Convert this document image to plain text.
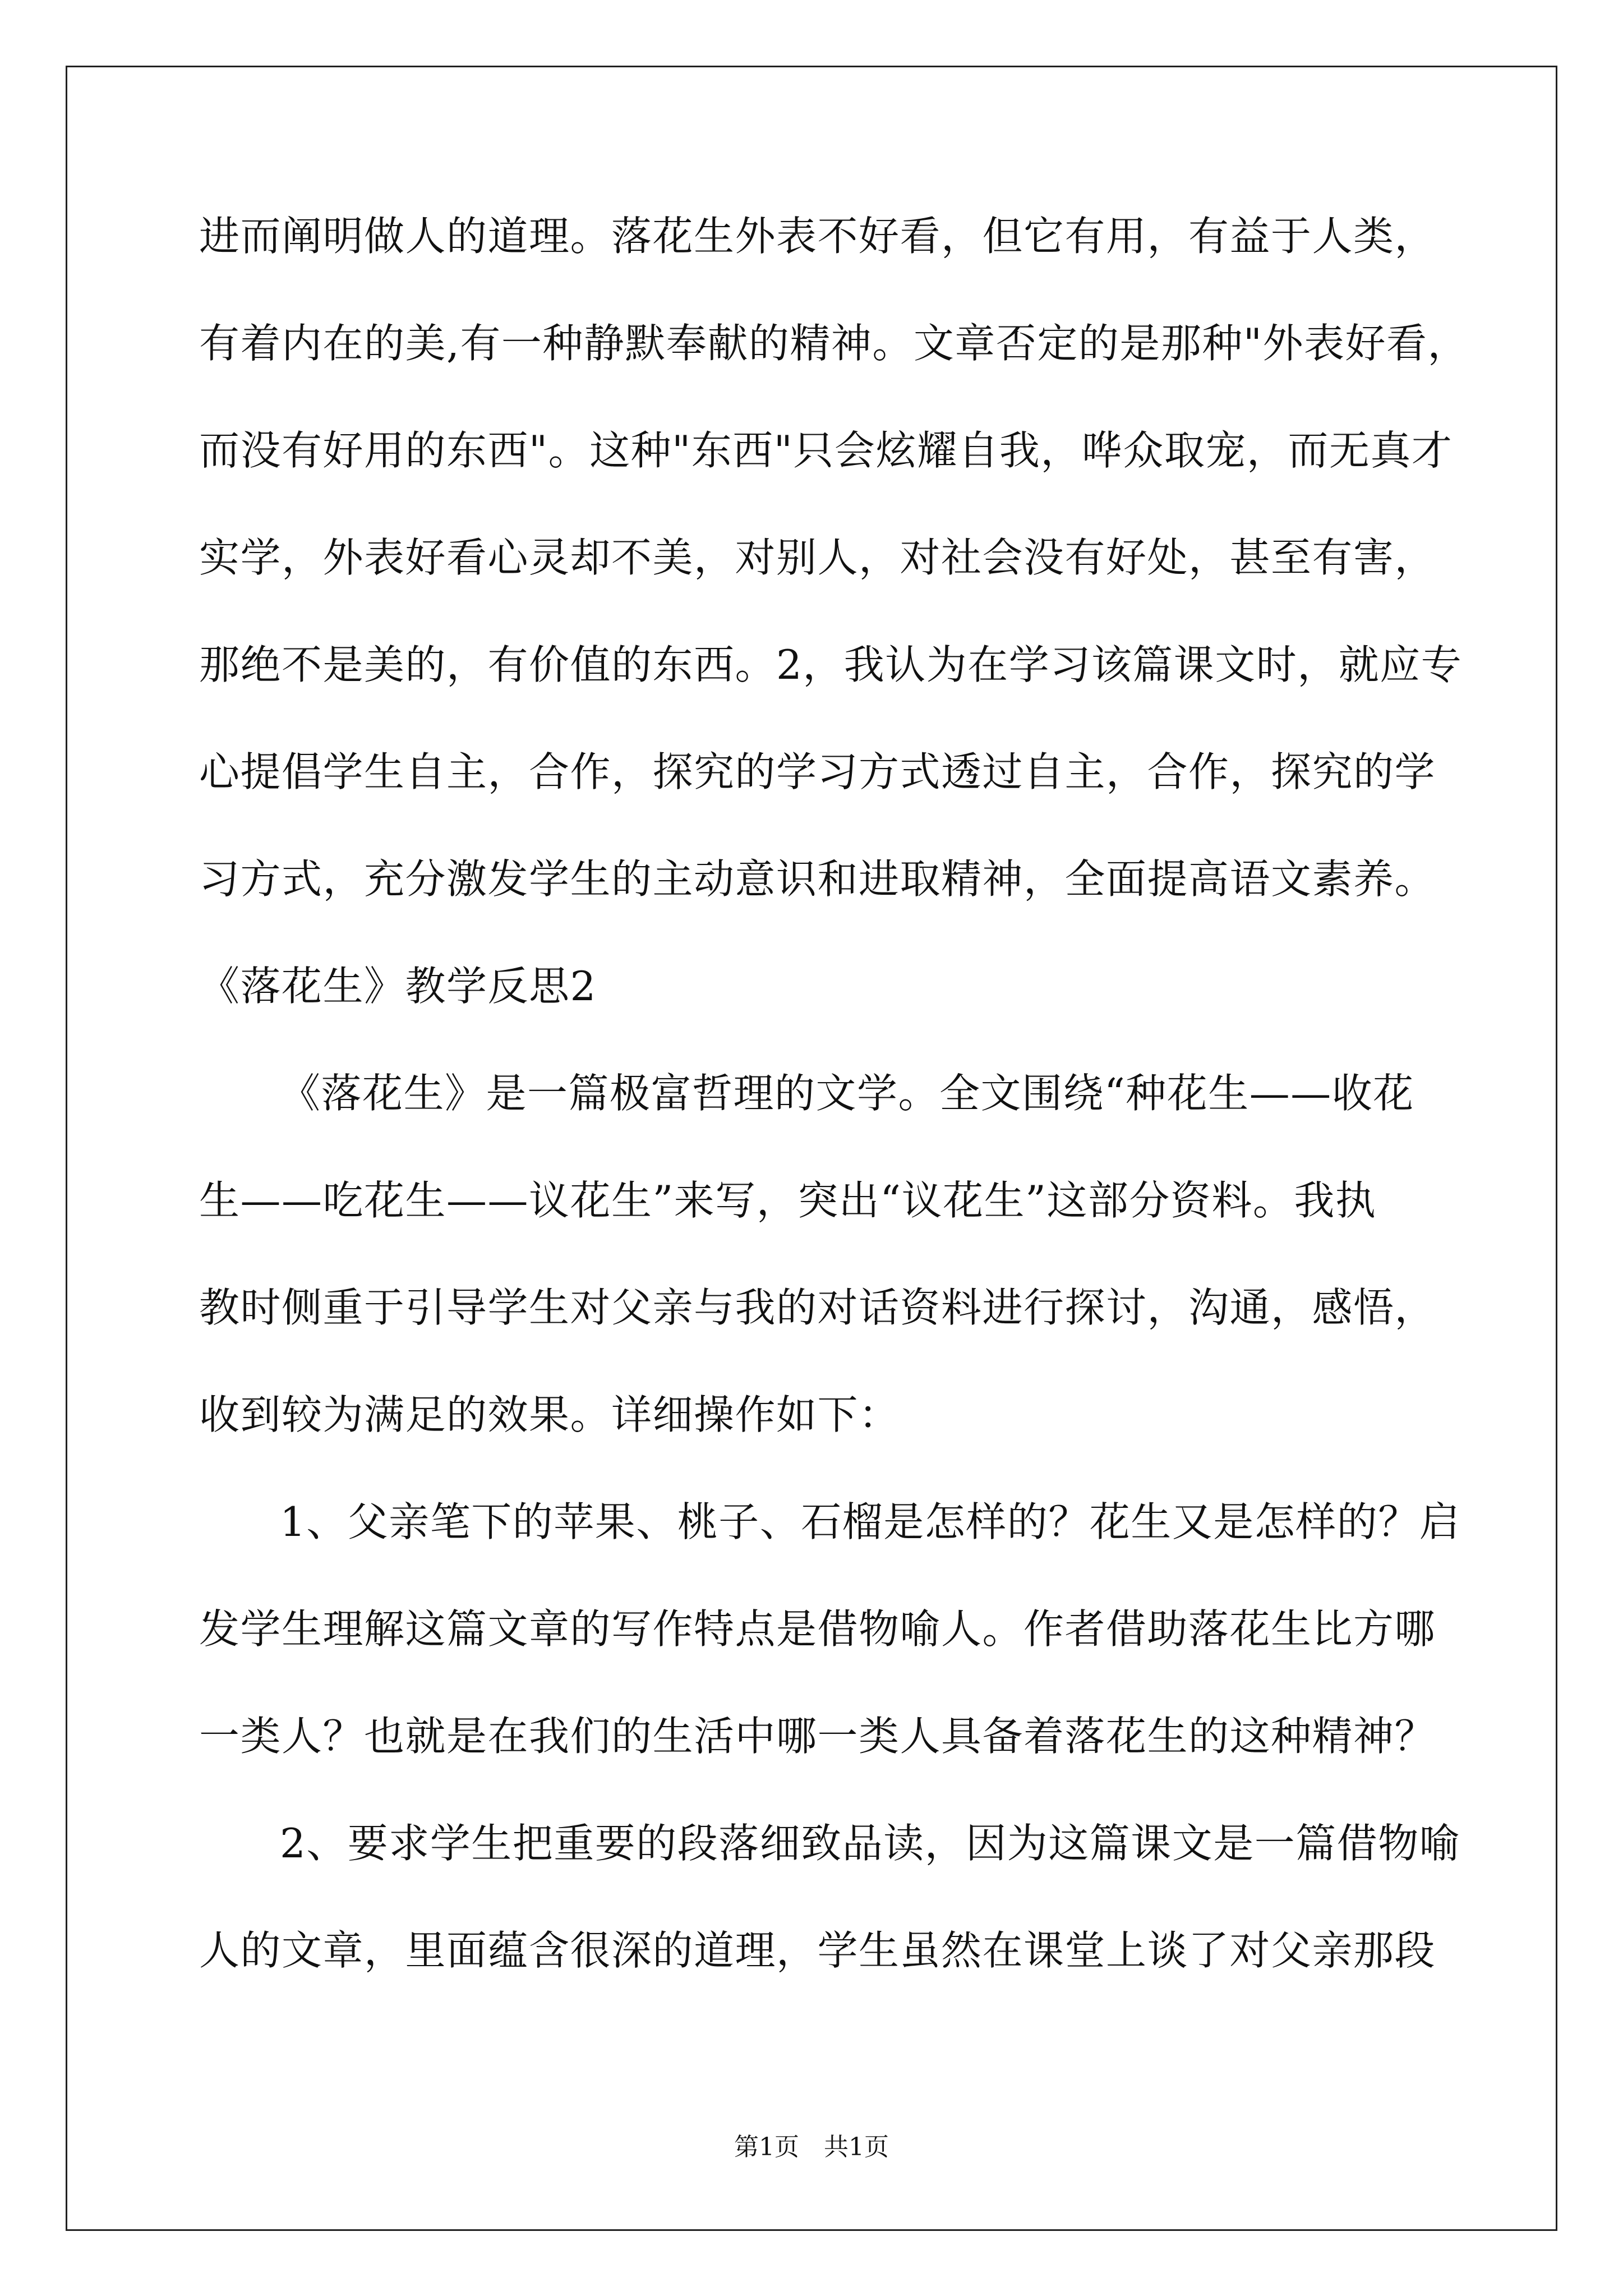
进而阐明做人的道理。落花生外表不好看，但它有用，有益于人类，
有着内在的美,有一种静默奉献的精神。文章否定的是那种"外表好看，
而没有好用的东西"。这种"东西"只会炫耀自我，哗众取宠，而无真才
实学，外表好看心灵却不美，对别人，对社会没有好处，甚至有害，
那绝不是美的，有价值的东西。2，我认为在学习该篇课文时，就应专
心提倡学生自主，合作，探究的学习方式透过自主，合作，探究的学
习方式，充分激发学生的主动意识和进取精神，全面提高语文素养。
《落花生》教学反思2
《落花生》是一篇极富哲理的文学。全文围绕“种花生——收花
生——吃花生——议花生”来写，突出“议花生”这部分资料。我执
教时侧重于引导学生对父亲与我的对话资料进行探讨，沟通，感悟，
收到较为满足的效果。详细操作如下：
1、父亲笔下的苹果、桃子、石榴是怎样的？花生又是怎样的？启
发学生理解这篇文章的写作特点是借物喻人。作者借助落花生比方哪
一类人？也就是在我们的生活中哪一类人具备着落花生的这种精神？
2、要求学生把重要的段落细致品读，因为这篇课文是一篇借物喻
人的文章，里面蕴含很深的道理，学生虽然在课堂上谈了对父亲那段
第1页　共1页
